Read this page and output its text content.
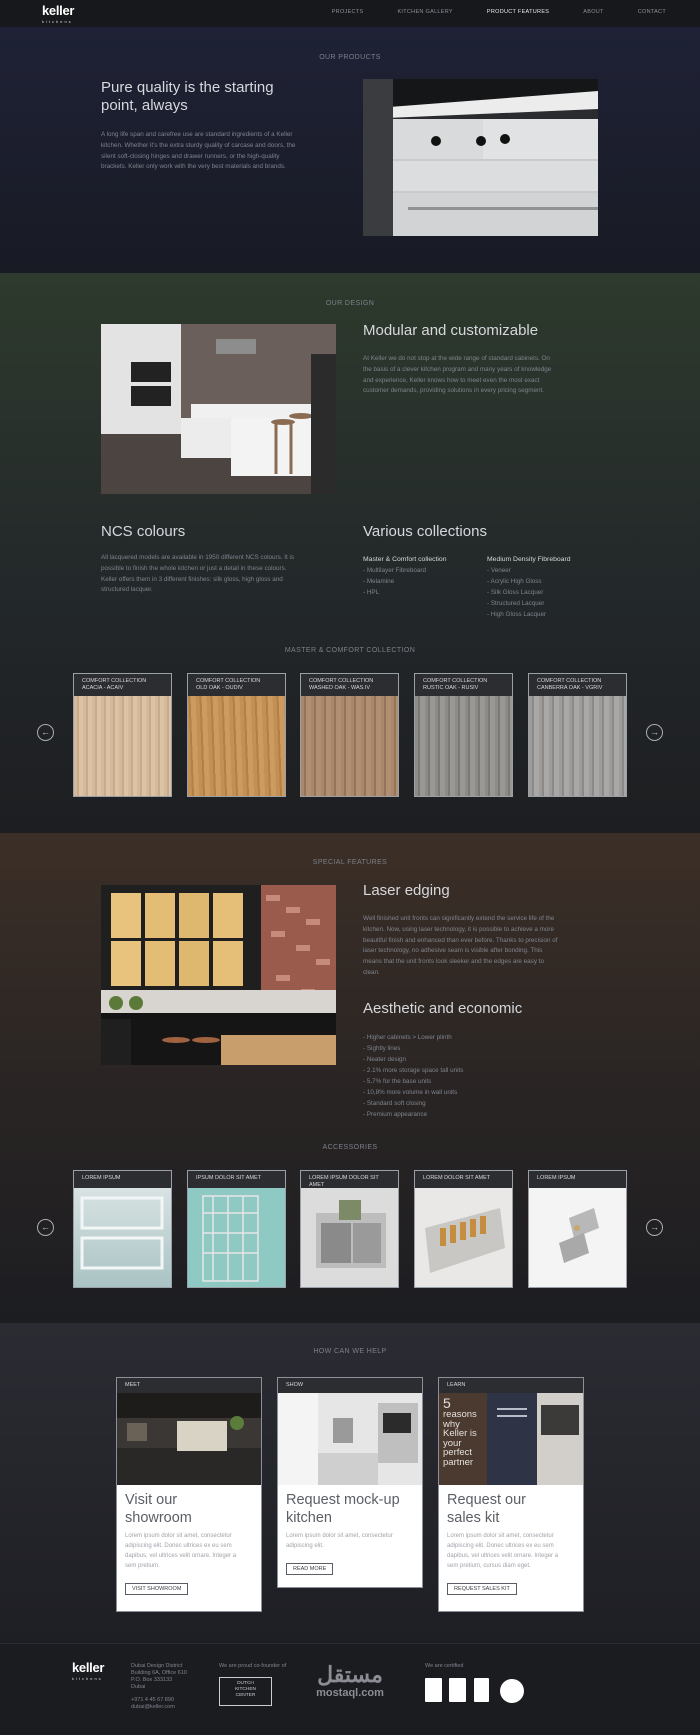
keller
kitchens
PROJECTS	KITCHEN GALLERY	PRODUCT FEATURES	ABOUT	CONTACT
OUR PRODUCTS
Pure quality is the starting
point, always
A long life span and carefree use are standard ingredients of a Keller
kitchen. Whether it's the extra sturdy quality of carcase and doors, the
silent soft-closing hinges and drawer runners, or the high-quality
brackets. Keller only work with the very best materials and brands.
OUR DESIGN
Modular and customizable
At Keller we do not stop at the wide range of standard cabinets. On
the basis of a clever kitchen program and many years of knowledge
and experience, Keller knows how to meet even the most exact
customer demands, providing solutions in every pricing segment.
NCS colours
All lacquered models are available in 1950 different NCS colours. It is
possible to finish the whole kitchen or just a detail in these colours.
Keller offers them in 3 different finishes: silk gloss, high gloss and
structured lacquer.
Various collections
Master & Comfort collection
- Multilayer Fibreboard
- Melamine
- HPL
Medium Density Fibreboard
- Veneer
- Acrylic High Gloss
- Silk Gloss Lacquer
- Structured Lacquer
- High Gloss Lacquer
MASTER & COMFORT COLLECTION
←	→
COMFORT COLLECTION
ACACIA - ACAIV
COMFORT COLLECTION
OLD OAK - OUDIV
COMFORT COLLECTION
WASHED OAK - WAS.IV
COMFORT COLLECTION
RUSTIC OAK - RUSIV
COMFORT COLLECTION
CANBERRA OAK - VGRIV
SPECIAL FEATURES
Laser edging
Well finished unit fronts can significantly extend the service life of the
kitchen. Now, using laser technology, it is possible to achieve a more
beautiful finish and enhanced than ever before. Thanks to precision of
laser technology, no adhesive seam is visible after bonding. This
means that the unit fronts look sleeker and the edges are easy to
clean.
Aesthetic and economic
- Higher cabinets > Lower plinth
- Sightly lines
- Neater design
- 2.1% more storage space tall units
- 5,7% for the base units
- 10,8% more volume in wall units
- Standard soft closing
- Premium appearance
ACCESSORIES
←	→
LOREM IPSUM	IPSUM DOLOR SIT AMET	LOREM IPSUM DOLOR SIT AMET
LOREM DOLOR SIT AMET	LOREM IPSUM
HOW CAN WE HELP
MEET
Visit our
showroom
Lorem ipsum dolor sit amet, consectetur
adipiscing elit. Donec ultrices ex eu sem
dapibus, vel ultrices velit ornare. Integer a
sem pretium.
VISIT SHOWROOM
SHOW
Request mock-up
kitchen
Lorem ipsum dolor sit amet, consectetur
adipiscing elit.
READ MORE
LEARN
5
reasons
why
Keller is
your
perfect
partner
Request our
sales kit
Lorem ipsum dolor sit amet, consectetur
adipiscing elit. Donec ultrices ex eu sem
dapibus, vel ultrices velit ornare. Integer a
sem pretium, cursus diam eget.
REQUEST SALES KIT
keller
kitchens
Dubai Design District
Building 6A, Office 610
P.O. Box 333133
Dubai
+971 4 45 67 890
dubai@keller.com
We are proud co-founder of
DUTCH
KITCHEN
CENTER
مستقل
mostaql.com
We are certified
